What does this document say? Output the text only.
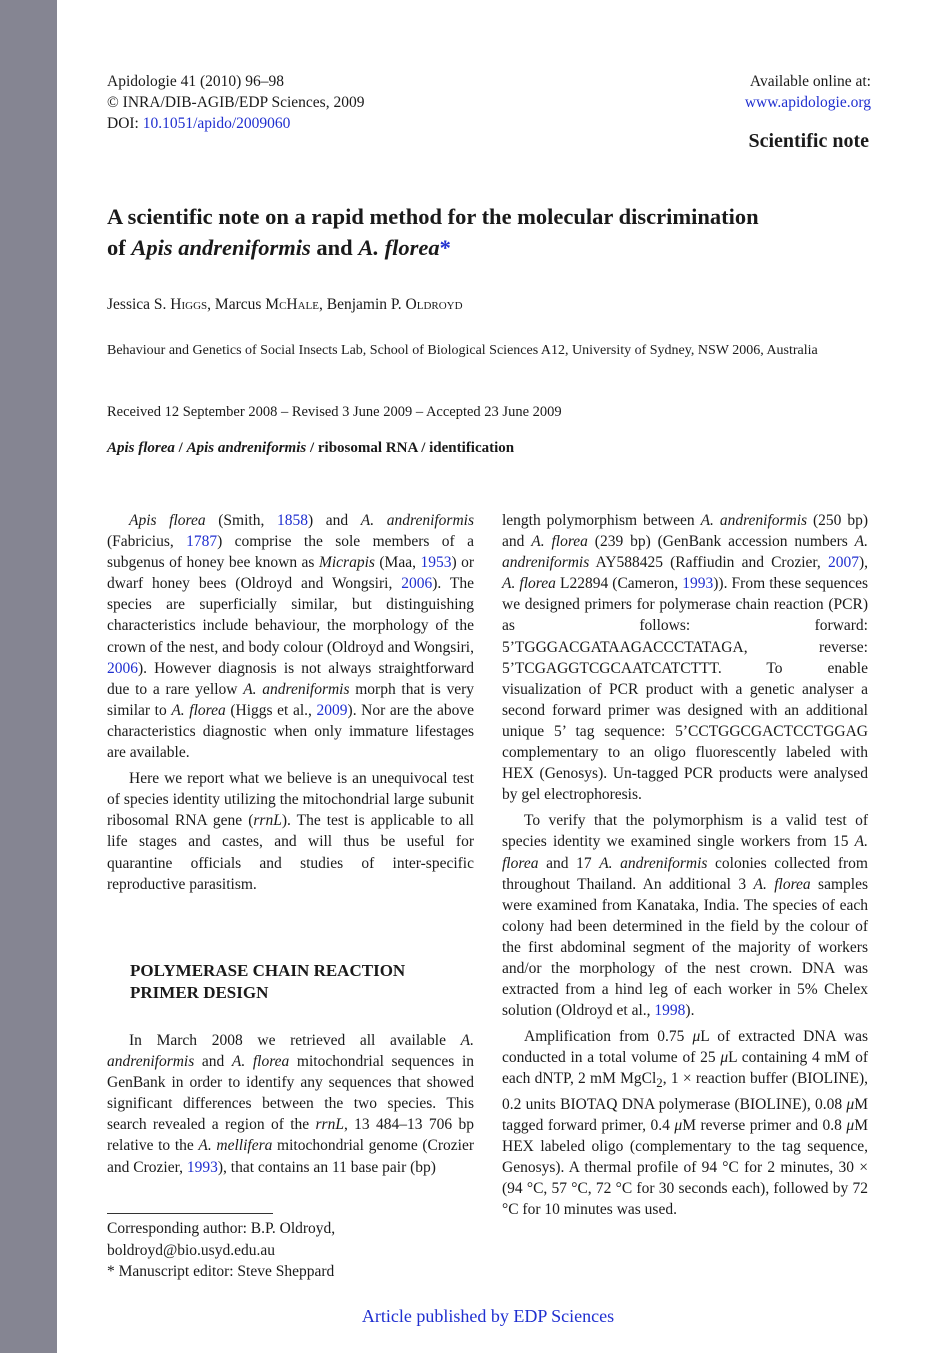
Apidologie 41 (2010) 96–98
© INRA/DIB-AGIB/EDP Sciences, 2009
DOI: 10.1051/apido/2009060
Available online at:
www.apidologie.org
Scientific note
A scientific note on a rapid method for the molecular discrimination
of Apis andreniformis and A. florea*
Jessica S. Higgs, Marcus McHale, Benjamin P. Oldroyd
Behaviour and Genetics of Social Insects Lab, School of Biological Sciences A12, University of Sydney, NSW 2006, Australia
Received 12 September 2008 – Revised 3 June 2009 – Accepted 23 June 2009
Apis florea / Apis andreniformis / ribosomal RNA / identification

Apis florea (Smith, 1858) and A. andreniformis (Fabricius, 1787) comprise the sole members of a subgenus of honey bee known as Micrapis (Maa, 1953) or dwarf honey bees (Oldroyd and Wongsiri, 2006). The species are superficially similar, but distinguishing characteristics include behaviour, the morphology of the crown of the nest, and body colour (Oldroyd and Wongsiri, 2006). However diagnosis is not always straightforward due to a rare yellow A. andreniformis morph that is very similar to A. florea (Higgs et al., 2009). Nor are the above characteristics diagnostic when only immature lifestages are available.

Here we report what we believe is an unequivocal test of species identity utilizing the mitochondrial large subunit ribosomal RNA gene (rrnL). The test is applicable to all life stages and castes, and will thus be useful for quarantine officials and studies of inter-specific reproductive parasitism.

POLYMERASE CHAIN REACTION
PRIMER DESIGN

In March 2008 we retrieved all available A. andreniformis and A. florea mitochondrial sequences in GenBank in order to identify any sequences that showed significant differences between the two species. This search revealed a region of the rrnL, 13 484–13 706 bp relative to the A. mellifera mitochondrial genome (Crozier and Crozier, 1993), that contains an 11 base pair (bp)

Corresponding author: B.P. Oldroyd,
boldroyd@bio.usyd.edu.au
* Manuscript editor: Steve Sheppard

length polymorphism between A. andreniformis (250 bp) and A. florea (239 bp) (GenBank accession numbers A. andreniformis AY588425 (Raffiudin and Crozier, 2007), A. florea L22894 (Cameron, 1993)). From these sequences we designed primers for polymerase chain reaction (PCR) as follows: forward: 5’TGGGACGATAAGACCCTATAGA, reverse: 5’TCGAGGTCGCAATCATCTTT. To enable visualization of PCR product with a genetic analyser a second forward primer was designed with an additional unique 5’ tag sequence: 5’CCTGGCGACTCCTGGAG complementary to an oligo fluorescently labeled with HEX (Genosys). Un-tagged PCR products were analysed by gel electrophoresis.

To verify that the polymorphism is a valid test of species identity we examined single workers from 15 A. florea and 17 A. andreniformis colonies collected from throughout Thailand. An additional 3 A. florea samples were examined from Kanataka, India. The species of each colony had been determined in the field by the colour of the first abdominal segment of the majority of workers and/or the morphology of the nest crown. DNA was extracted from a hind leg of each worker in 5% Chelex solution (Oldroyd et al., 1998).

Amplification from 0.75 μL of extracted DNA was conducted in a total volume of 25 μL containing 4 mM of each dNTP, 2 mM MgCl$_2$, 1 × reaction buffer (BIOLINE), 0.2 units BIOTAQ DNA polymerase (BIOLINE), 0.08 μM tagged forward primer, 0.4 μM reverse primer and 0.8 μM HEX labeled oligo (complementary to the tag sequence, Genosys). A thermal profile of 94 °C for 2 minutes, 30 × (94 °C, 57 °C, 72 °C for 30 seconds each), followed by 72 °C for 10 minutes was used.

Article published by EDP Sciences
